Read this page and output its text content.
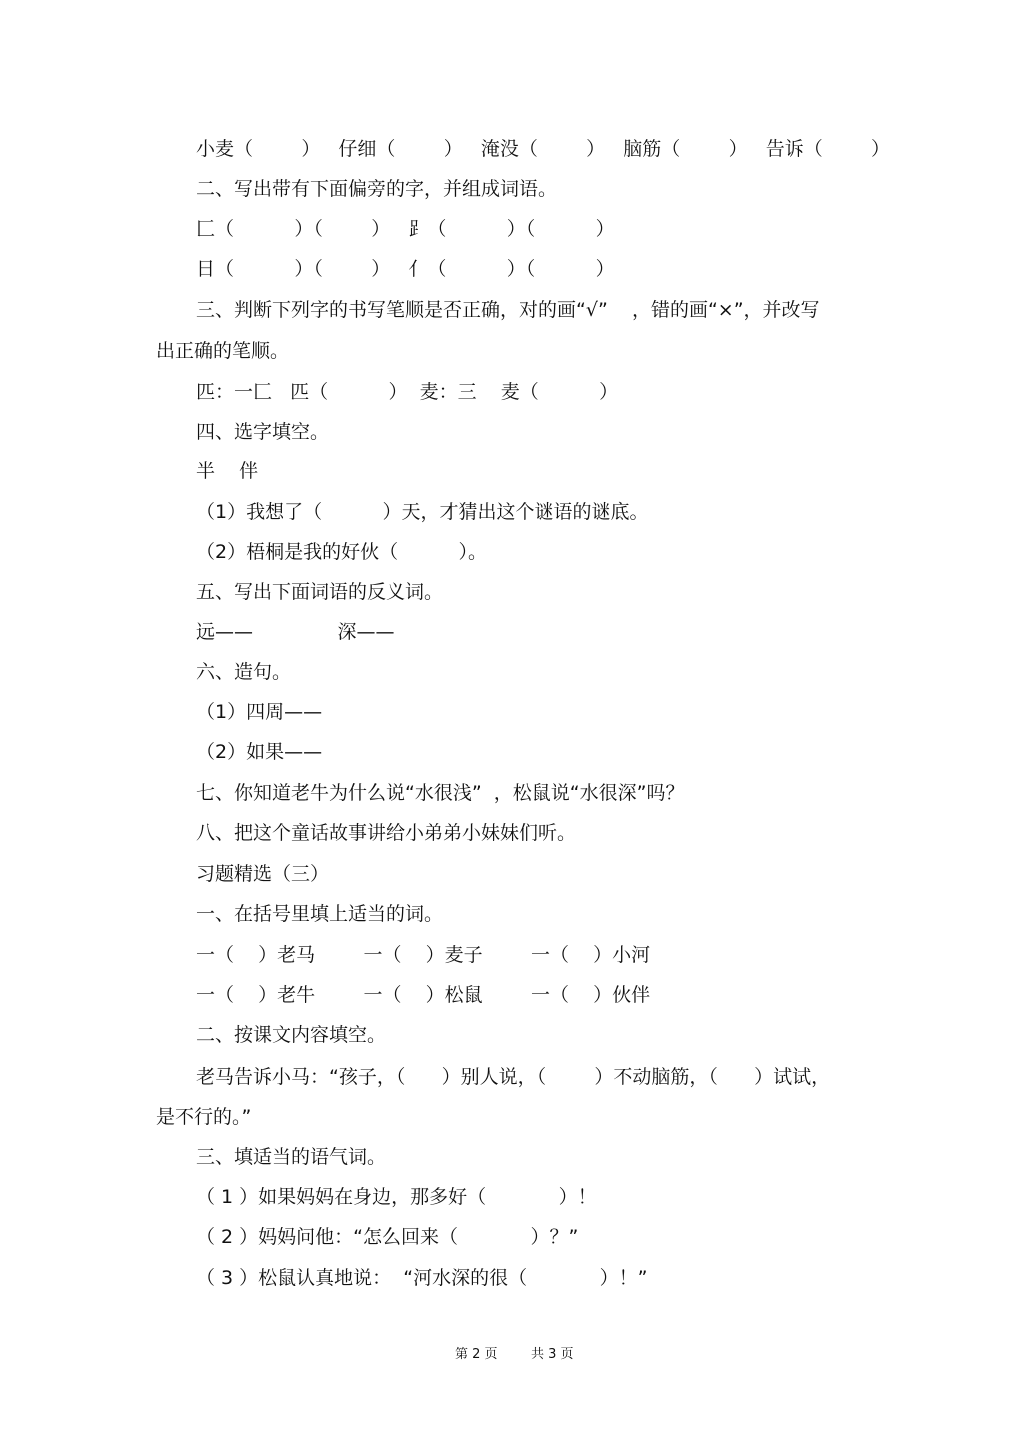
小麦（        ）   仔细（        ）   淹没（        ）   脑筋（        ）   告诉（        ）
二、写出带有下面偏旁的字，并组成词语。
匚（          ）（        ）   ⻊（          ）（          ）
日（          ）（        ）   亻（          ）（          ）
三、判断下列字的书写笔顺是否正确，对的画“√”    ，错的画“×”，并改写
出正确的笔顺。
匹：一匚   匹（          ）  麦：三    麦（          ）
四、选字填空。
半    伴
（1）我想了（          ）天，才猜出这个谜语的谜底。
（2）梧桐是我的好伙（          ）。
五、写出下面词语的反义词。
远——              深——
六、造句。
（1）四周——
（2）如果——
七、你知道老牛为什么说“水很浅”  ，松鼠说“水很深”吗？
八、把这个童话故事讲给小弟弟小妹妹们听。
习题精选（三）
一、在括号里填上适当的词。
一（    ）老马        一（    ）麦子        一（    ）小河
一（    ）老牛        一（    ）松鼠        一（    ）伙伴
二、按课文内容填空。
老马告诉小马：“孩子，（      ）别人说，（        ）不动脑筋，（      ）试试，
是不行的。”
三、填适当的语气词。
（ 1 ）如果妈妈在身边，那多好（            ）！
（ 2 ）妈妈问他：“怎么回来（            ）？”
（ 3 ）松鼠认真地说：  “河水深的很（            ）！”
第 2 页	共 3 页
